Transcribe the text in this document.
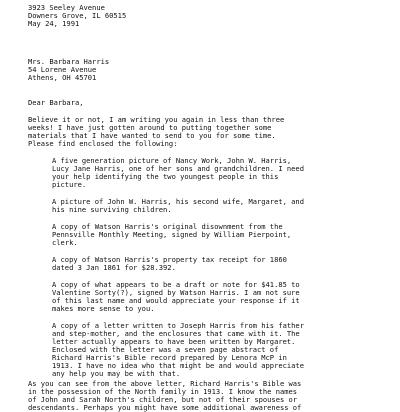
3923 Seeley Avenue
Downers Grove, IL 60515
May 24, 1991
Mrs. Barbara Harris
54 Lorene Avenue
Athens, OH 45701
Dear Barbara,
Believe it or not, I am writing you again in less than three
weeks! I have just gotten around to putting together some
materials that I have wanted to send to you for some time.
Please find enclosed the following:
A five generation picture of Nancy Work, John W. Harris,
Lucy Jane Harris, one of her sons and grandchildren. I need
your help identifying the two youngest people in this
picture.
A picture of John W. Harris, his second wife, Margaret, and
his nine surviving children.
A copy of Watson Harris's original disownment from the
Pennsville Monthly Meeting, signed by William Pierpoint,
clerk.
A copy of Watson Harris's property tax receipt for 1860
dated 3 Jan 1861 for $28.392.
A copy of what appears to be a draft or note for $41.85 to
Valentine Sorty(?), signed by Watson Harris. I am not sure
of this last name and would appreciate your response if it
makes more sense to you.
A copy of a letter written to Joseph Harris from his father
and step-mother, and the enclosures that came with it. The
letter actually appears to have been written by Margaret.
Enclosed with the letter was a seven page abstract of
Richard Harris's Bible record prepared by Lenora McP in
1913. I have no idea who that might be and would appreciate
any help you may be with that.
As you can see from the above letter, Richard Harris's Bible was
in the possession of the North family in 1913. I know the names
of John and Sarah North's children, but not of their spouses or
descendants. Perhaps you might have some additional awareness of
